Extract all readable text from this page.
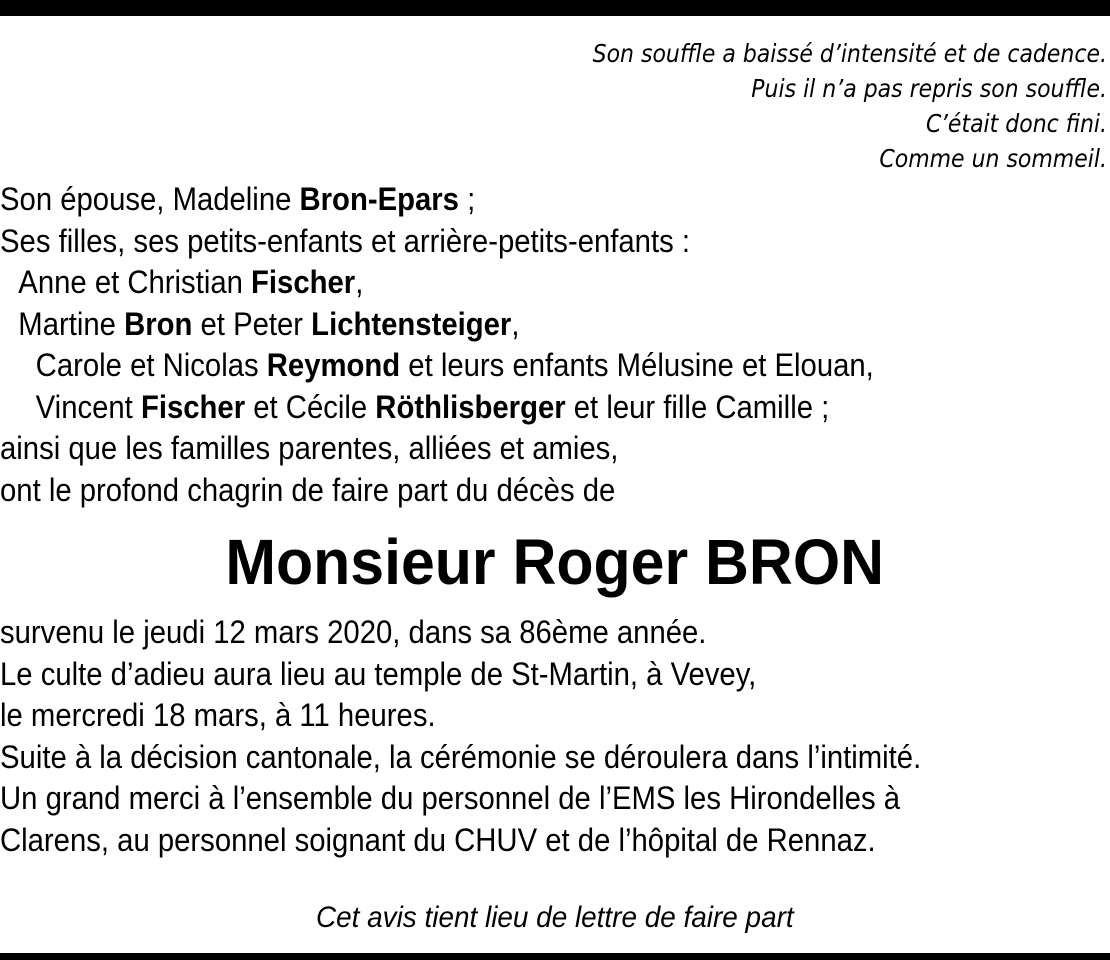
Son souffle a baissé d’intensité et de cadence.
Puis il n’a pas repris son souffle.
C’était donc fini.
Comme un sommeil.

Son épouse, Madeline Bron-Epars ;

Ses filles, ses petits-enfants et arrière-petits-enfants :

Anne et Christian Fischer,

Martine Bron et Peter Lichtensteiger,

Carole et Nicolas Reymond et leurs enfants Mélusine et Elouan,

Vincent Fischer et Cécile Röthlisberger et leur fille Camille ;

ainsi que les familles parentes, alliées et amies,

ont le profond chagrin de faire part du décès de

Monsieur Roger BRON

survenu le jeudi 12 mars 2020, dans sa 86ème année.

Le culte d’adieu aura lieu au temple de St-Martin, à Vevey,

le mercredi 18 mars, à 11 heures.

Suite à la décision cantonale, la cérémonie se déroulera dans l’intimité.

Un grand merci à l’ensemble du personnel de l’EMS les Hirondelles à

Clarens, au personnel soignant du CHUV et de l’hôpital de Rennaz.

Cet avis tient lieu de lettre de faire part
